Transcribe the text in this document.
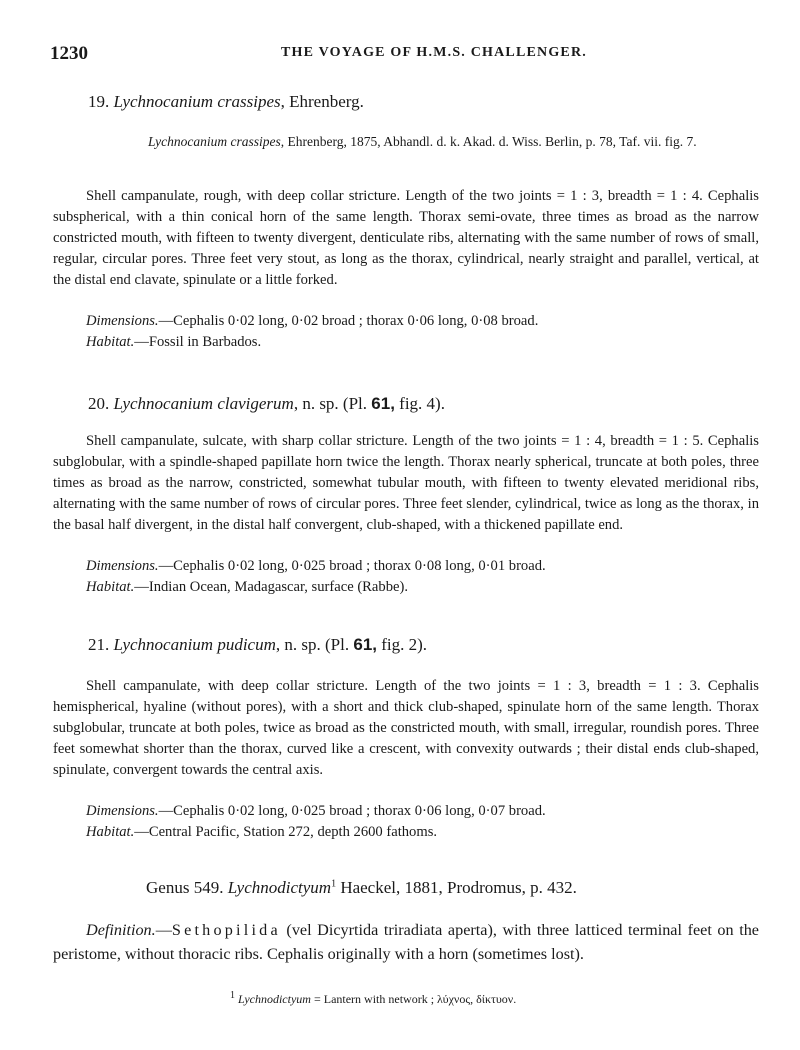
1230	THE VOYAGE OF H.M.S. CHALLENGER.
19. Lychnocanium crassipes, Ehrenberg.
Lychnocanium crassipes, Ehrenberg, 1875, Abhandl. d. k. Akad. d. Wiss. Berlin, p. 78, Taf. vii. fig. 7.
Shell campanulate, rough, with deep collar stricture. Length of the two joints = 1 : 3, breadth = 1 : 4. Cephalis subspherical, with a thin conical horn of the same length. Thorax semi-ovate, three times as broad as the narrow constricted mouth, with fifteen to twenty divergent, denticulate ribs, alternating with the same number of rows of small, regular, circular pores. Three feet very stout, as long as the thorax, cylindrical, nearly straight and parallel, vertical, at the distal end clavate, spinulate or a little forked.
Dimensions.—Cephalis 0·02 long, 0·02 broad ; thorax 0·06 long, 0·08 broad.
Habitat.—Fossil in Barbados.
20. Lychnocanium clavigerum, n. sp. (Pl. 61, fig. 4).
Shell campanulate, sulcate, with sharp collar stricture. Length of the two joints = 1 : 4, breadth = 1 : 5. Cephalis subglobular, with a spindle-shaped papillate horn twice the length. Thorax nearly spherical, truncate at both poles, three times as broad as the narrow, constricted, somewhat tubular mouth, with fifteen to twenty elevated meridional ribs, alternating with the same number of rows of circular pores. Three feet slender, cylindrical, twice as long as the thorax, in the basal half divergent, in the distal half convergent, club-shaped, with a thickened papillate end.
Dimensions.—Cephalis 0·02 long, 0·025 broad ; thorax 0·08 long, 0·01 broad.
Habitat.—Indian Ocean, Madagascar, surface (Rabbe).
21. Lychnocanium pudicum, n. sp. (Pl. 61, fig. 2).
Shell campanulate, with deep collar stricture. Length of the two joints = 1 : 3, breadth = 1 : 3. Cephalis hemispherical, hyaline (without pores), with a short and thick club-shaped, spinulate horn of the same length. Thorax subglobular, truncate at both poles, twice as broad as the constricted mouth, with small, irregular, roundish pores. Three feet somewhat shorter than the thorax, curved like a crescent, with convexity outwards ; their distal ends club-shaped, spinulate, convergent towards the central axis.
Dimensions.—Cephalis 0·02 long, 0·025 broad ; thorax 0·06 long, 0·07 broad.
Habitat.—Central Pacific, Station 272, depth 2600 fathoms.
Genus 549. Lychnodictyum$^1$ Haeckel, 1881, Prodromus, p. 432.
Definition.—Sethopilida (vel Dicyrtida triradiata aperta), with three latticed terminal feet on the peristome, without thoracic ribs. Cephalis originally with a horn (sometimes lost).
$^1$ Lychnodictyum = Lantern with network ; λύχνος, δίκτυον.
